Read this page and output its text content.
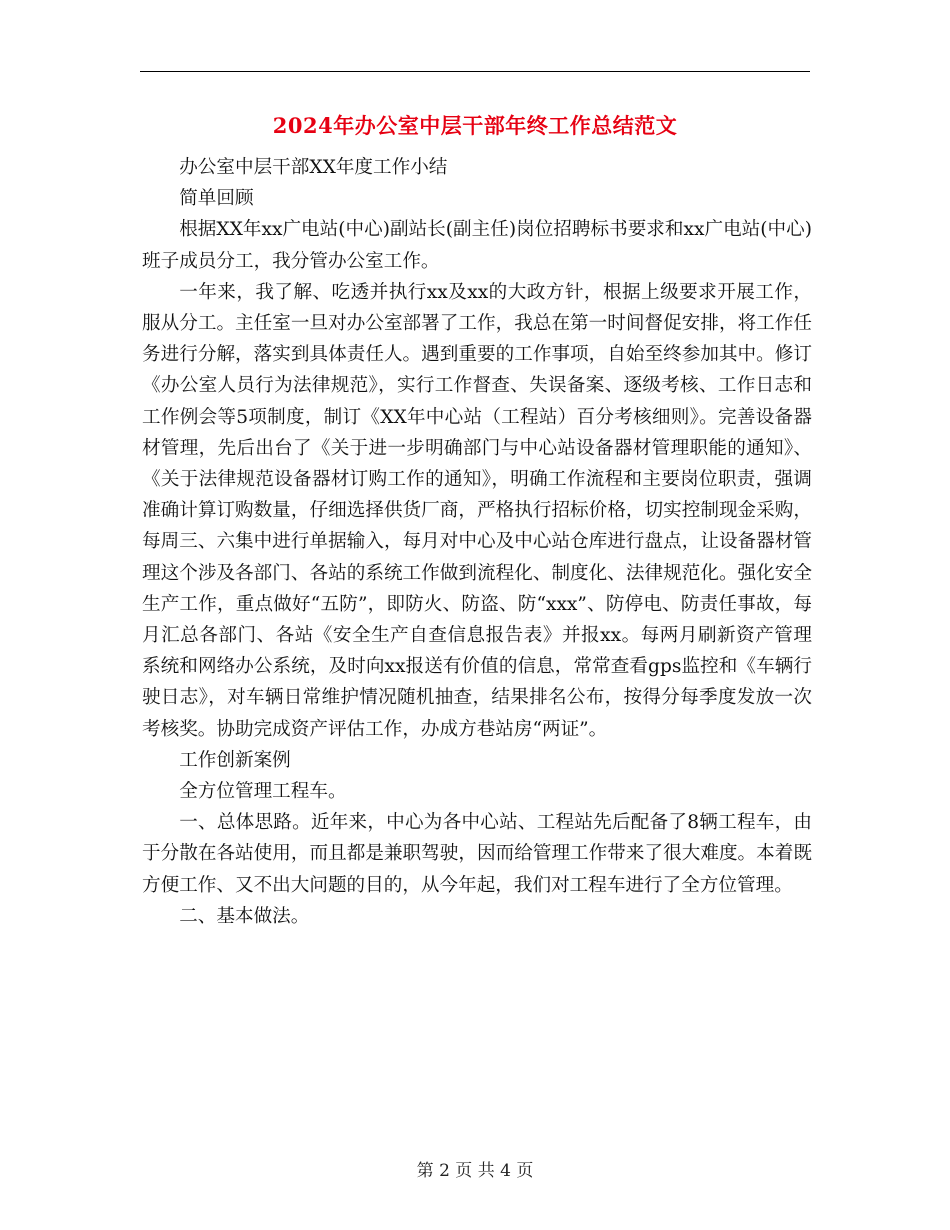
2024年办公室中层干部年终工作总结范文

办公室中层干部XX年度工作小结

简单回顾

根据XX年xx广电站(中心)副站长(副主任)岗位招聘标书要求和xx广电站(中心)班子成员分工，我分管办公室工作。

一年来，我了解、吃透并执行xx及xx的大政方针，根据上级要求开展工作，服从分工。主任室一旦对办公室部署了工作，我总在第一时间督促安排，将工作任务进行分解，落实到具体责任人。遇到重要的工作事项，自始至终参加其中。修订《办公室人员行为法律规范》，实行工作督查、失误备案、逐级考核、工作日志和工作例会等5项制度，制订《XX年中心站（工程站）百分考核细则》。完善设备器材管理，先后出台了《关于进一步明确部门与中心站设备器材管理职能的通知》、《关于法律规范设备器材订购工作的通知》，明确工作流程和主要岗位职责，强调准确计算订购数量，仔细选择供货厂商，严格执行招标价格，切实控制现金采购，每周三、六集中进行单据输入，每月对中心及中心站仓库进行盘点，让设备器材管理这个涉及各部门、各站的系统工作做到流程化、制度化、法律规范化。强化安全生产工作，重点做好“五防”，即防火、防盗、防“xxx”、防停电、防责任事故，每月汇总各部门、各站《安全生产自查信息报告表》并报xx。每两月刷新资产管理系统和网络办公系统，及时向xx报送有价值的信息，常常查看gps监控和《车辆行驶日志》，对车辆日常维护情况随机抽查，结果排名公布，按得分每季度发放一次考核奖。协助完成资产评估工作，办成方巷站房“两证”。

工作创新案例

全方位管理工程车。

一、总体思路。近年来，中心为各中心站、工程站先后配备了8辆工程车，由于分散在各站使用，而且都是兼职驾驶，因而给管理工作带来了很大难度。本着既方便工作、又不出大问题的目的，从今年起，我们对工程车进行了全方位管理。

二、基本做法。

第 2 页 共 4 页
